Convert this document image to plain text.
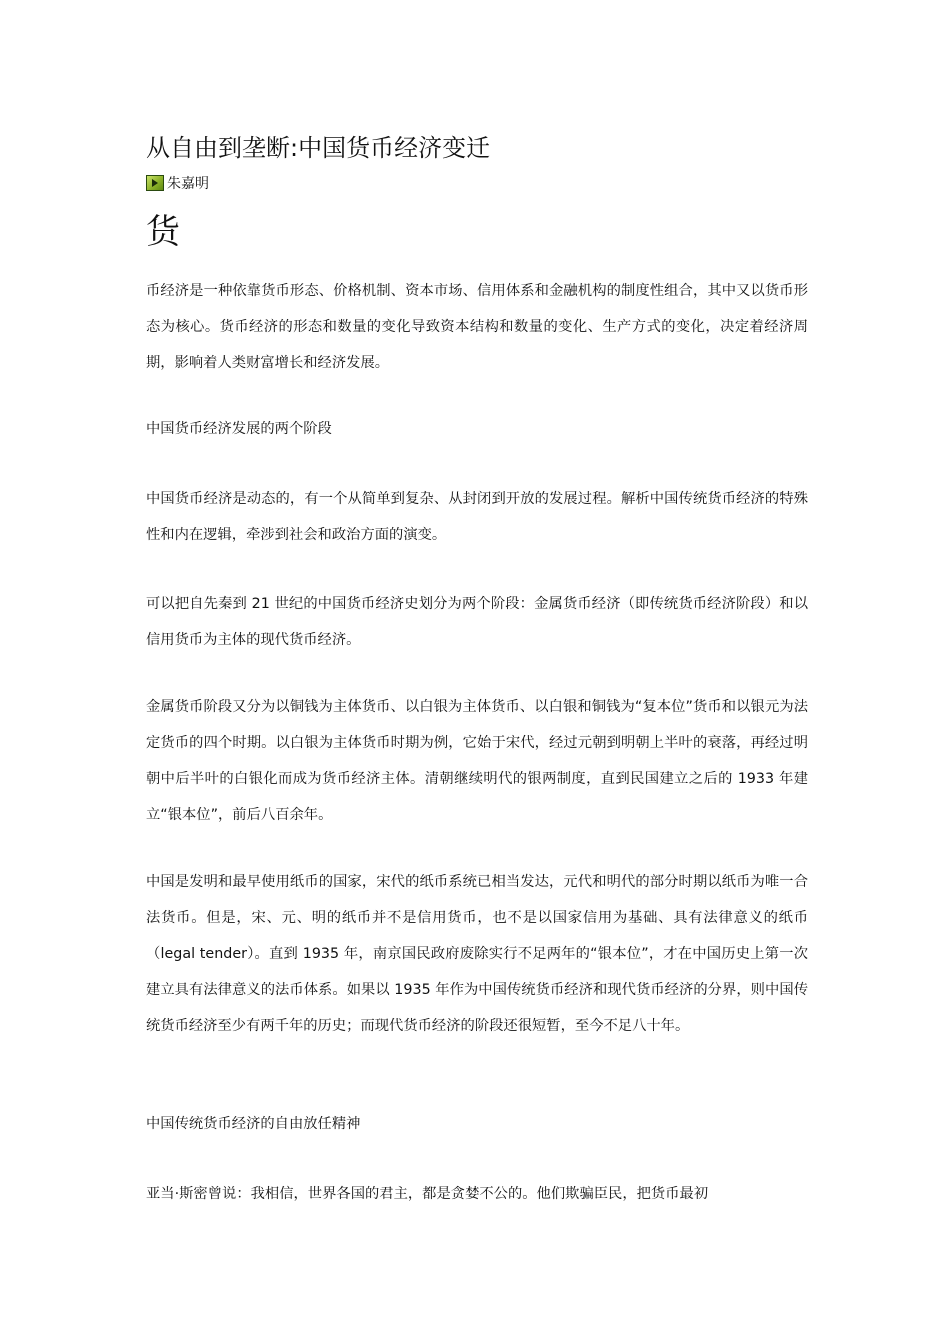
从自由到垄断:中国货币经济变迁
朱嘉明
货

币经济是一种依靠货币形态、价格机制、资本市场、信用体系和金融机构的制度性组合，其中又以货币形态为核心。货币经济的形态和数量的变化导致资本结构和数量的变化、生产方式的变化，决定着经济周期，影响着人类财富增长和经济发展。

中国货币经济发展的两个阶段

中国货币经济是动态的，有一个从简单到复杂、从封闭到开放的发展过程。解析中国传统货币经济的特殊性和内在逻辑，牵涉到社会和政治方面的演变。

可以把自先秦到 21 世纪的中国货币经济史划分为两个阶段：金属货币经济（即传统货币经济阶段）和以信用货币为主体的现代货币经济。

金属货币阶段又分为以铜钱为主体货币、以白银为主体货币、以白银和铜钱为“复本位”货币和以银元为法定货币的四个时期。以白银为主体货币时期为例，它始于宋代，经过元朝到明朝上半叶的衰落，再经过明朝中后半叶的白银化而成为货币经济主体。清朝继续明代的银两制度，直到民国建立之后的 1933 年建立“银本位”，前后八百余年。

中国是发明和最早使用纸币的国家，宋代的纸币系统已相当发达，元代和明代的部分时期以纸币为唯一合法货币。但是，宋、元、明的纸币并不是信用货币，也不是以国家信用为基础、具有法律意义的纸币（legal tender）。直到 1935 年，南京国民政府废除实行不足两年的“银本位”，才在中国历史上第一次建立具有法律意义的法币体系。如果以 1935 年作为中国传统货币经济和现代货币经济的分界，则中国传统货币经济至少有两千年的历史；而现代货币经济的阶段还很短暂，至今不足八十年。

中国传统货币经济的自由放任精神

亚当·斯密曾说：我相信，世界各国的君主，都是贪婪不公的。他们欺骗臣民，把货币最初
